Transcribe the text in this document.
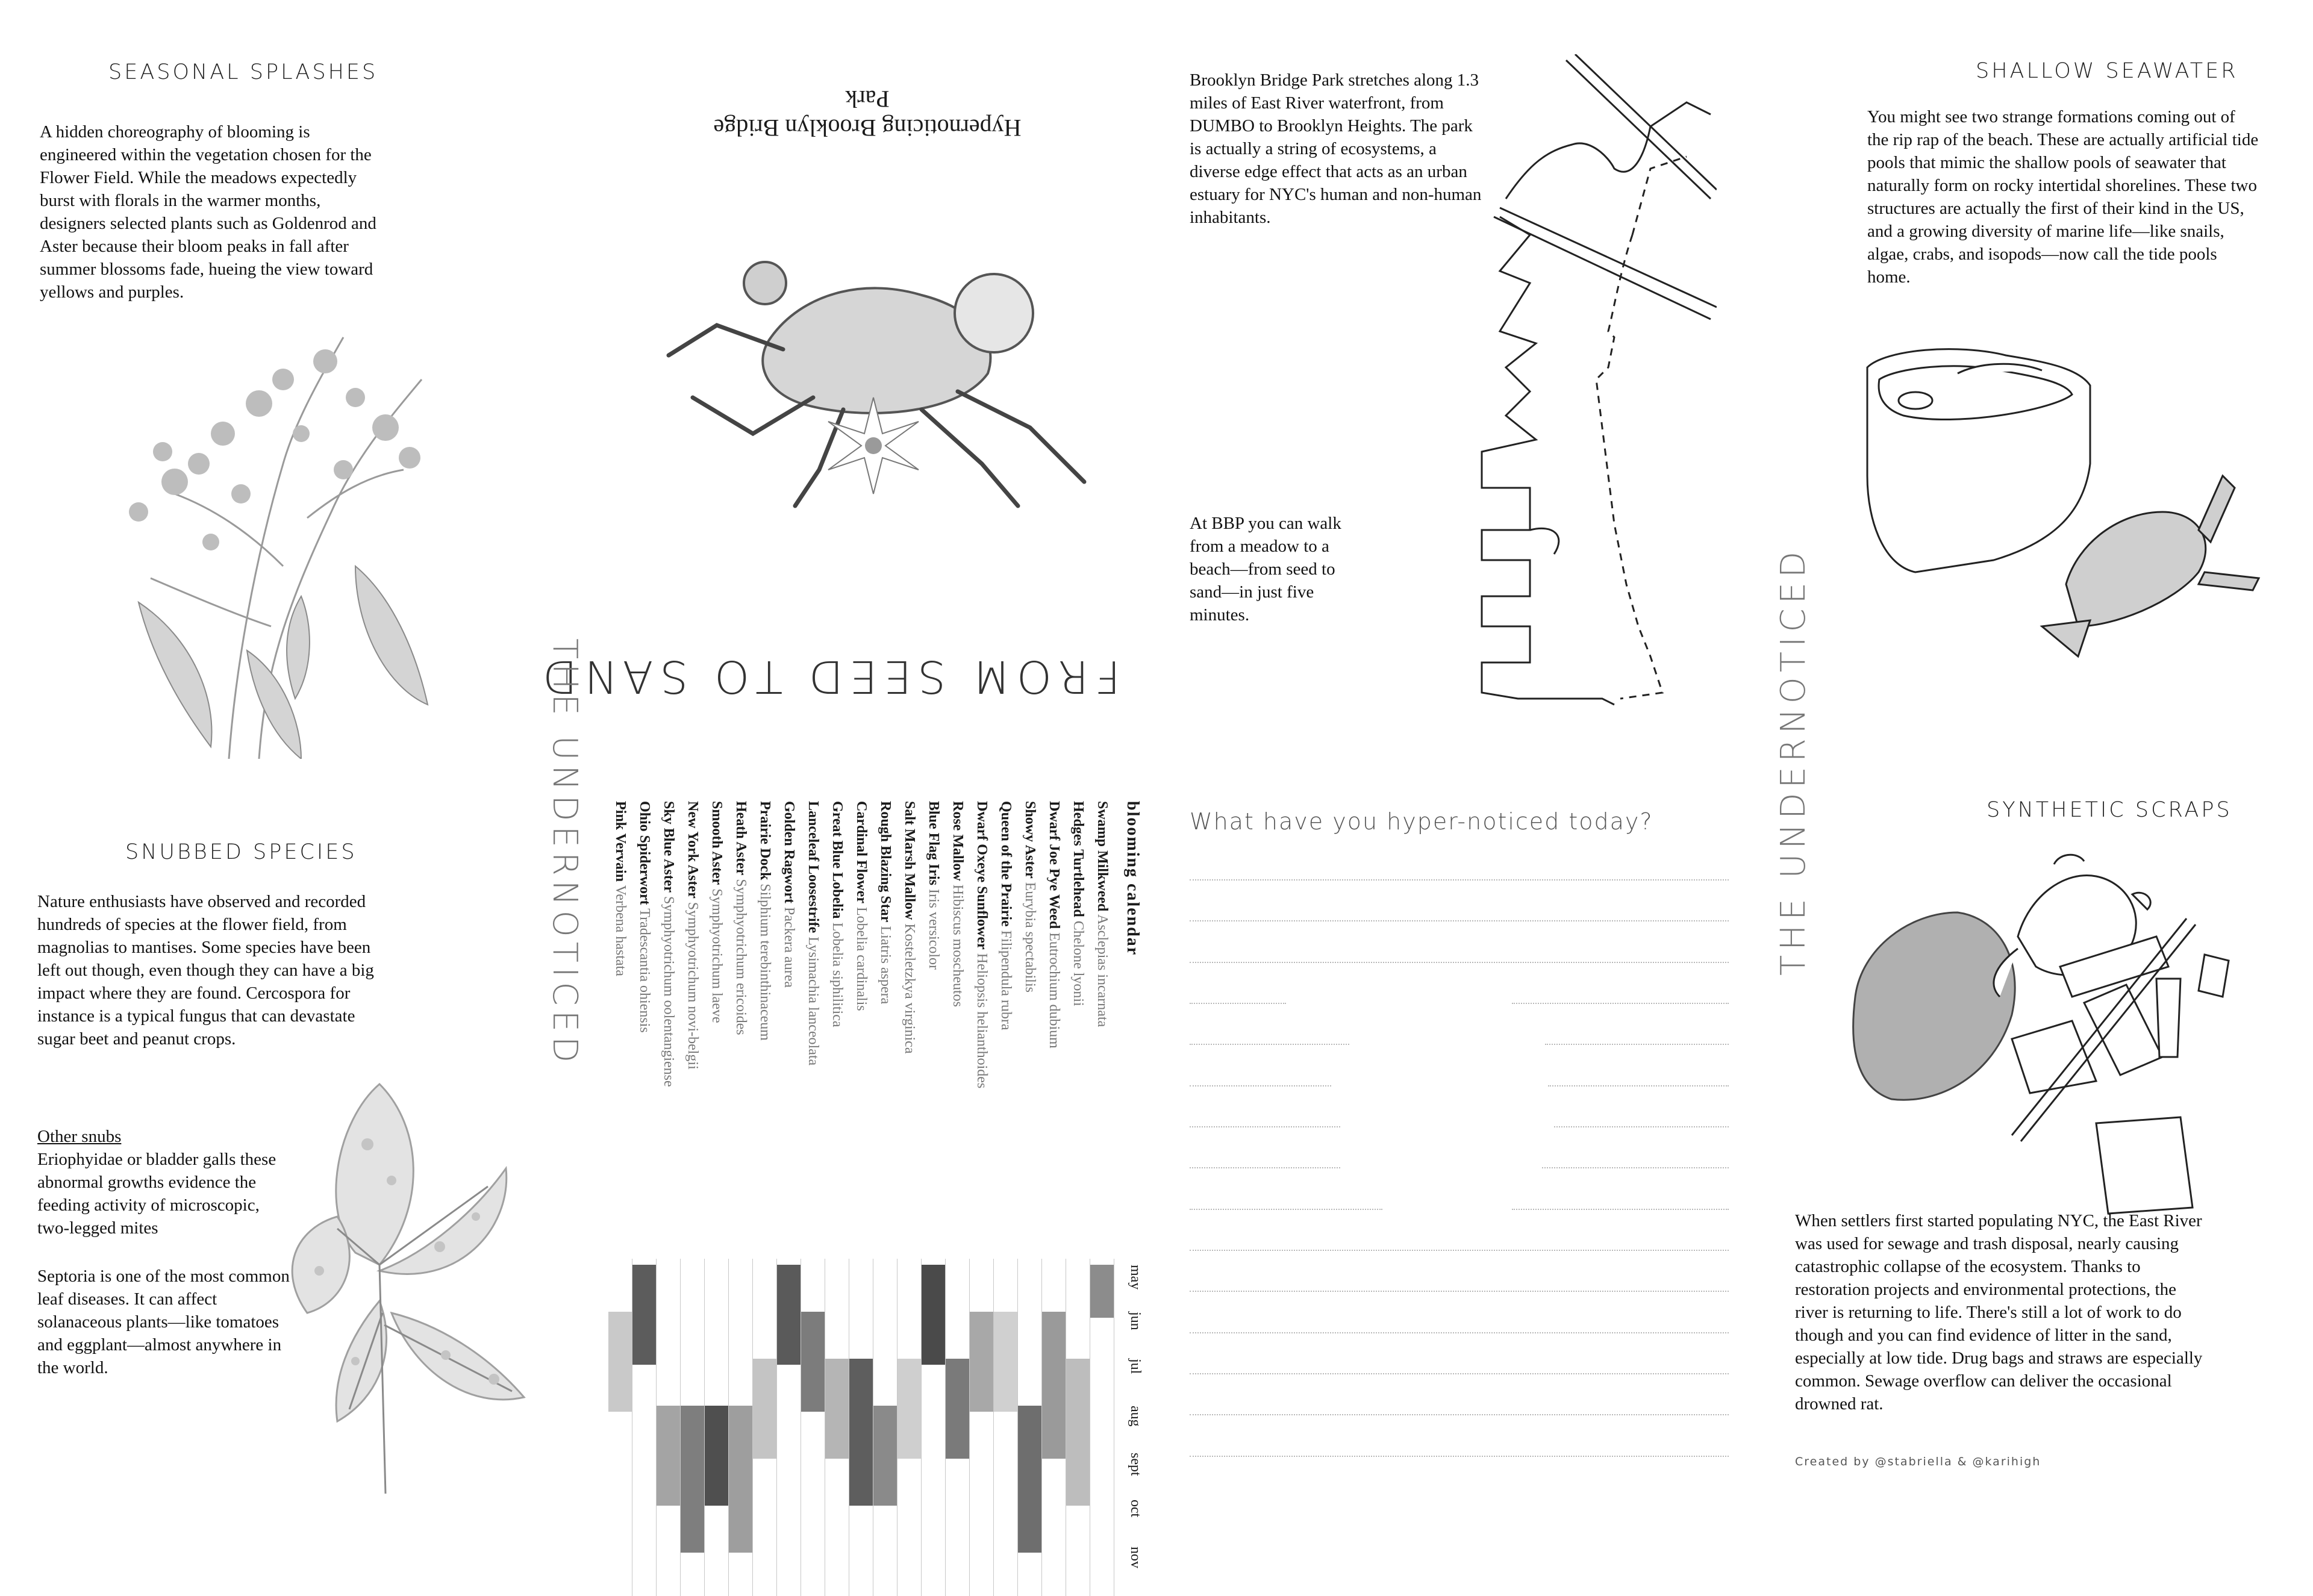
SEASONAL SPLASHES
A hidden choreography of blooming is engineered within the vegetation chosen for the Flower Field. While the meadows expectedly burst with florals in the warmer months, designers selected plants such as Goldenrod and Aster because their bloom peaks in fall after summer blossoms fade, hueing the view toward yellows and purples.
SNUBBED SPECIES
Nature enthusiasts have observed and recorded hundreds of species at the flower field, from magnolias to mantises. Some species have been left out though, even though they can have a big impact where they are found. Cercospora for instance is a typical fungus that can devastate sugar beet and peanut crops.
Other snubs
Eriophyidae or bladder galls these abnormal growths evidence the feeding activity of microscopic, two-legged mites
Septoria is one of the most common leaf diseases. It can affect solanaceous plants—like tomatoes and eggplant—almost anywhere in the world.
Hypernoticing Brooklyn Bridge Park
FROM SEED TO SAND
THE UNDERNOTICED	blooming calendar
Swamp Milkweed Asclepias incarnata
Hedges Turtlehead Chelone lyonii
Dwarf Joe Pye Weed Eutrochium dubium
Showy Aster Eurybia spectabilis
Queen of the Prairie Filipendula rubra
Dwarf Oxeye Sunflower Heliopsis helianthoides
Rose Mallow Hibiscus moscheutos
Blue Flag Iris Iris versicolor
Salt Marsh Mallow Kosteletzkya virginica
Rough Blazing Star Liatris aspera
Cardinal Flower Lobelia cardinalis
Great Blue Lobelia Lobelia siphilitica
Lanceleaf Loosestrife Lysimachia lanceolata
Golden Ragwort Packera aurea
Prairie Dock Silphium terebinthinaceum
Heath Aster Symphyotrichum ericoides
Smooth Aster Symphyotrichum laeve
New York Aster Symphyotrichum novi-belgii
Sky Blue Aster Symphyotrichum oolentangiense
Ohio Spiderwort Tradescantia ohiensis
Pink Vervain Verbena hastata
may
jun
jul
aug
sept
oct
nov
Brooklyn Bridge Park stretches along 1.3 miles of East River waterfront, from DUMBO to Brooklyn Heights. The park is actually a string of ecosystems, a diverse edge effect that acts as an urban estuary for NYC's human and non-human inhabitants.
At BBP you can walk from a meadow to a beach—from seed to sand—in just five minutes.
What have you hyper-noticed today?	THE UNDERNOTICED
SHALLOW SEAWATER
You might see two strange formations coming out of the rip rap of the beach. These are actually artificial tide pools that mimic the shallow pools of seawater that naturally form on rocky intertidal shorelines. These two structures are actually the first of their kind in the US, and a growing diversity of marine life—like snails, algae, crabs, and isopods—now call the tide pools home.
SYNTHETIC SCRAPS
When settlers first started populating NYC, the East River was used for sewage and trash disposal, nearly causing catastrophic collapse of the ecosystem. Thanks to restoration projects and environmental protections, the river is returning to life. There's still a lot of work to do though and you can find evidence of litter in the sand, especially at low tide. Drug bags and straws are especially common. Sewage overflow can deliver the occasional drowned rat.
Created by @stabriella & @karihigh
